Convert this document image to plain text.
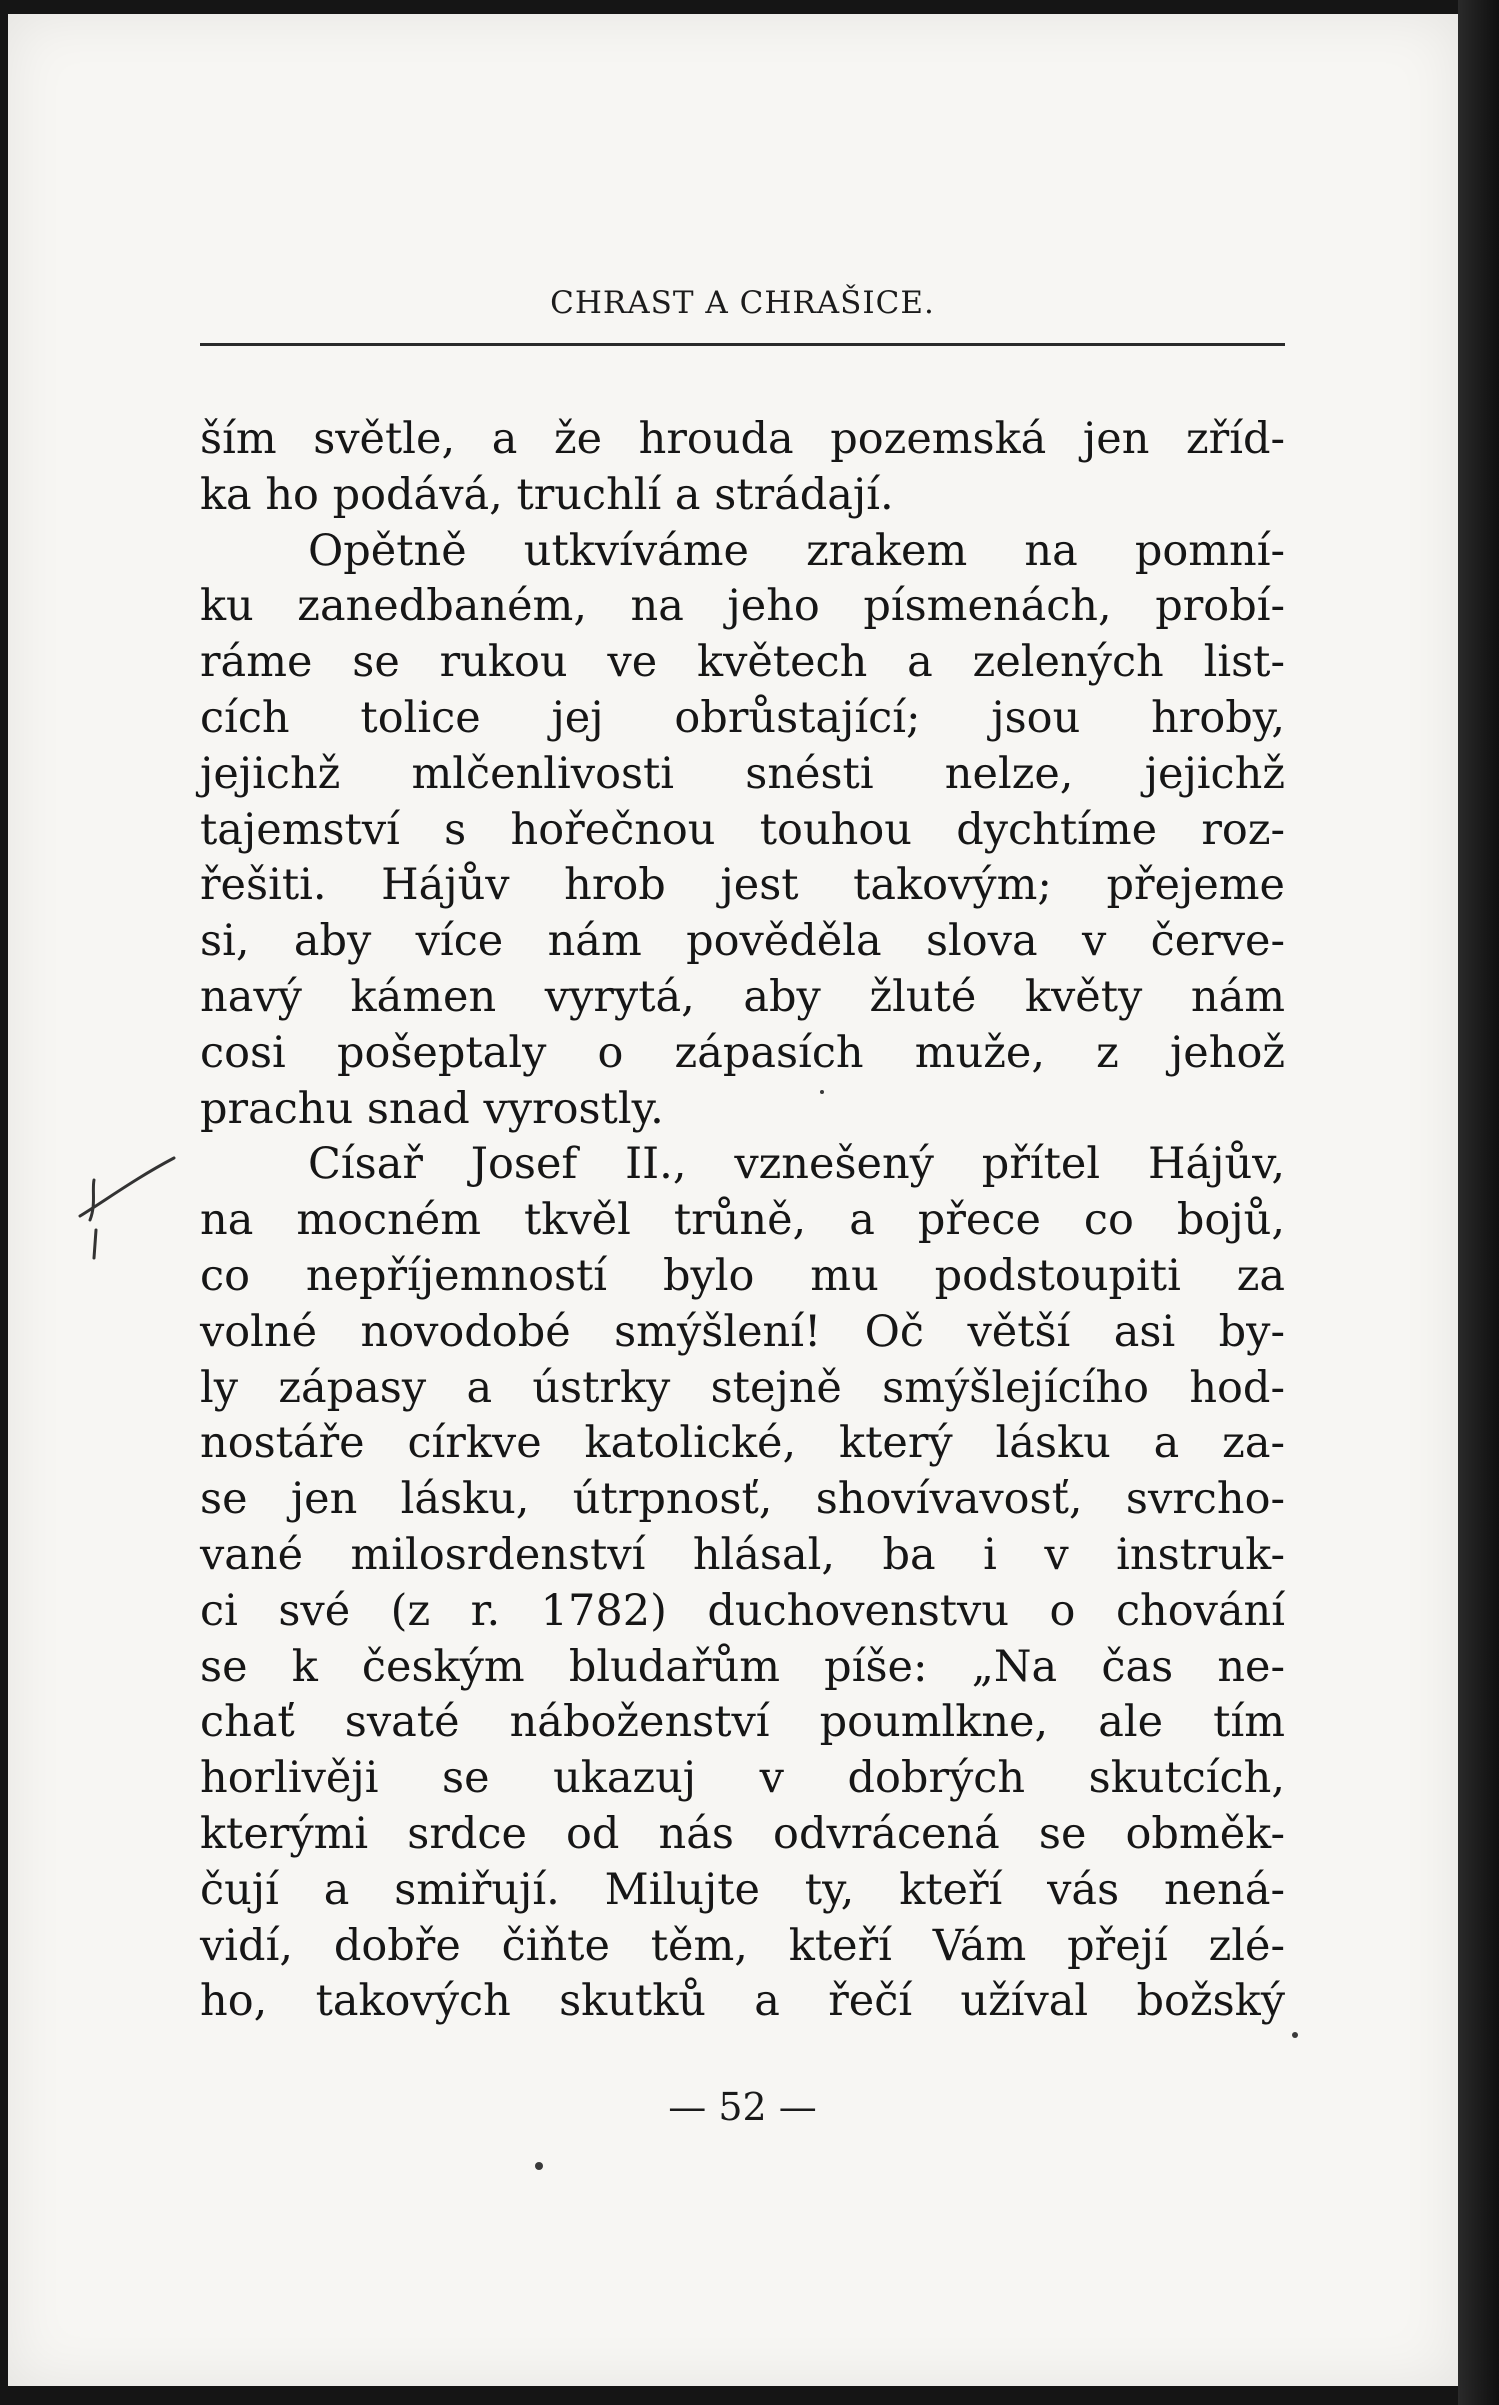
CHRAST A CHRAŠICE.
ším světle, a že hrouda pozemská jen zříd-
ka ho podává, truchlí a strádají.
Opětně utkvíváme zrakem na pomní-
ku zanedbaném, na jeho písmenách, probí-
ráme se rukou ve květech a zelených list-
cích tolice jej obrůstající; jsou hroby,
jejichž mlčenlivosti snésti nelze, jejichž
tajemství s hořečnou touhou dychtíme roz-
řešiti. Hájův hrob jest takovým; přejeme
si, aby více nám pověděla slova v červe-
navý kámen vyrytá, aby žluté květy nám
cosi pošeptaly o zápasích muže, z jehož
prachu snad vyrostly.
Císař Josef II., vznešený přítel Hájův,
na mocném tkvěl trůně, a přece co bojů,
co nepříjemností bylo mu podstoupiti za
volné novodobé smýšlení! Oč větší asi by-
ly zápasy a ústrky stejně smýšlejícího hod-
nostáře církve katolické, který lásku a za-
se jen lásku, útrpnosť, shovívavosť, svrcho-
vané milosrdenství hlásal, ba i v instruk-
ci své (z r. 1782) duchovenstvu o chování
se k českým bludařům píše: „Na čas ne-
chať svaté náboženství poumlkne, ale tím
horlivěji se ukazuj v dobrých skutcích,
kterými srdce od nás odvrácená se obměk-
čují a smiřují. Milujte ty, kteří vás nená-
vidí, dobře čiňte těm, kteří Vám přejí zlé-
ho, takových skutků a řečí užíval božský
— 52 —
